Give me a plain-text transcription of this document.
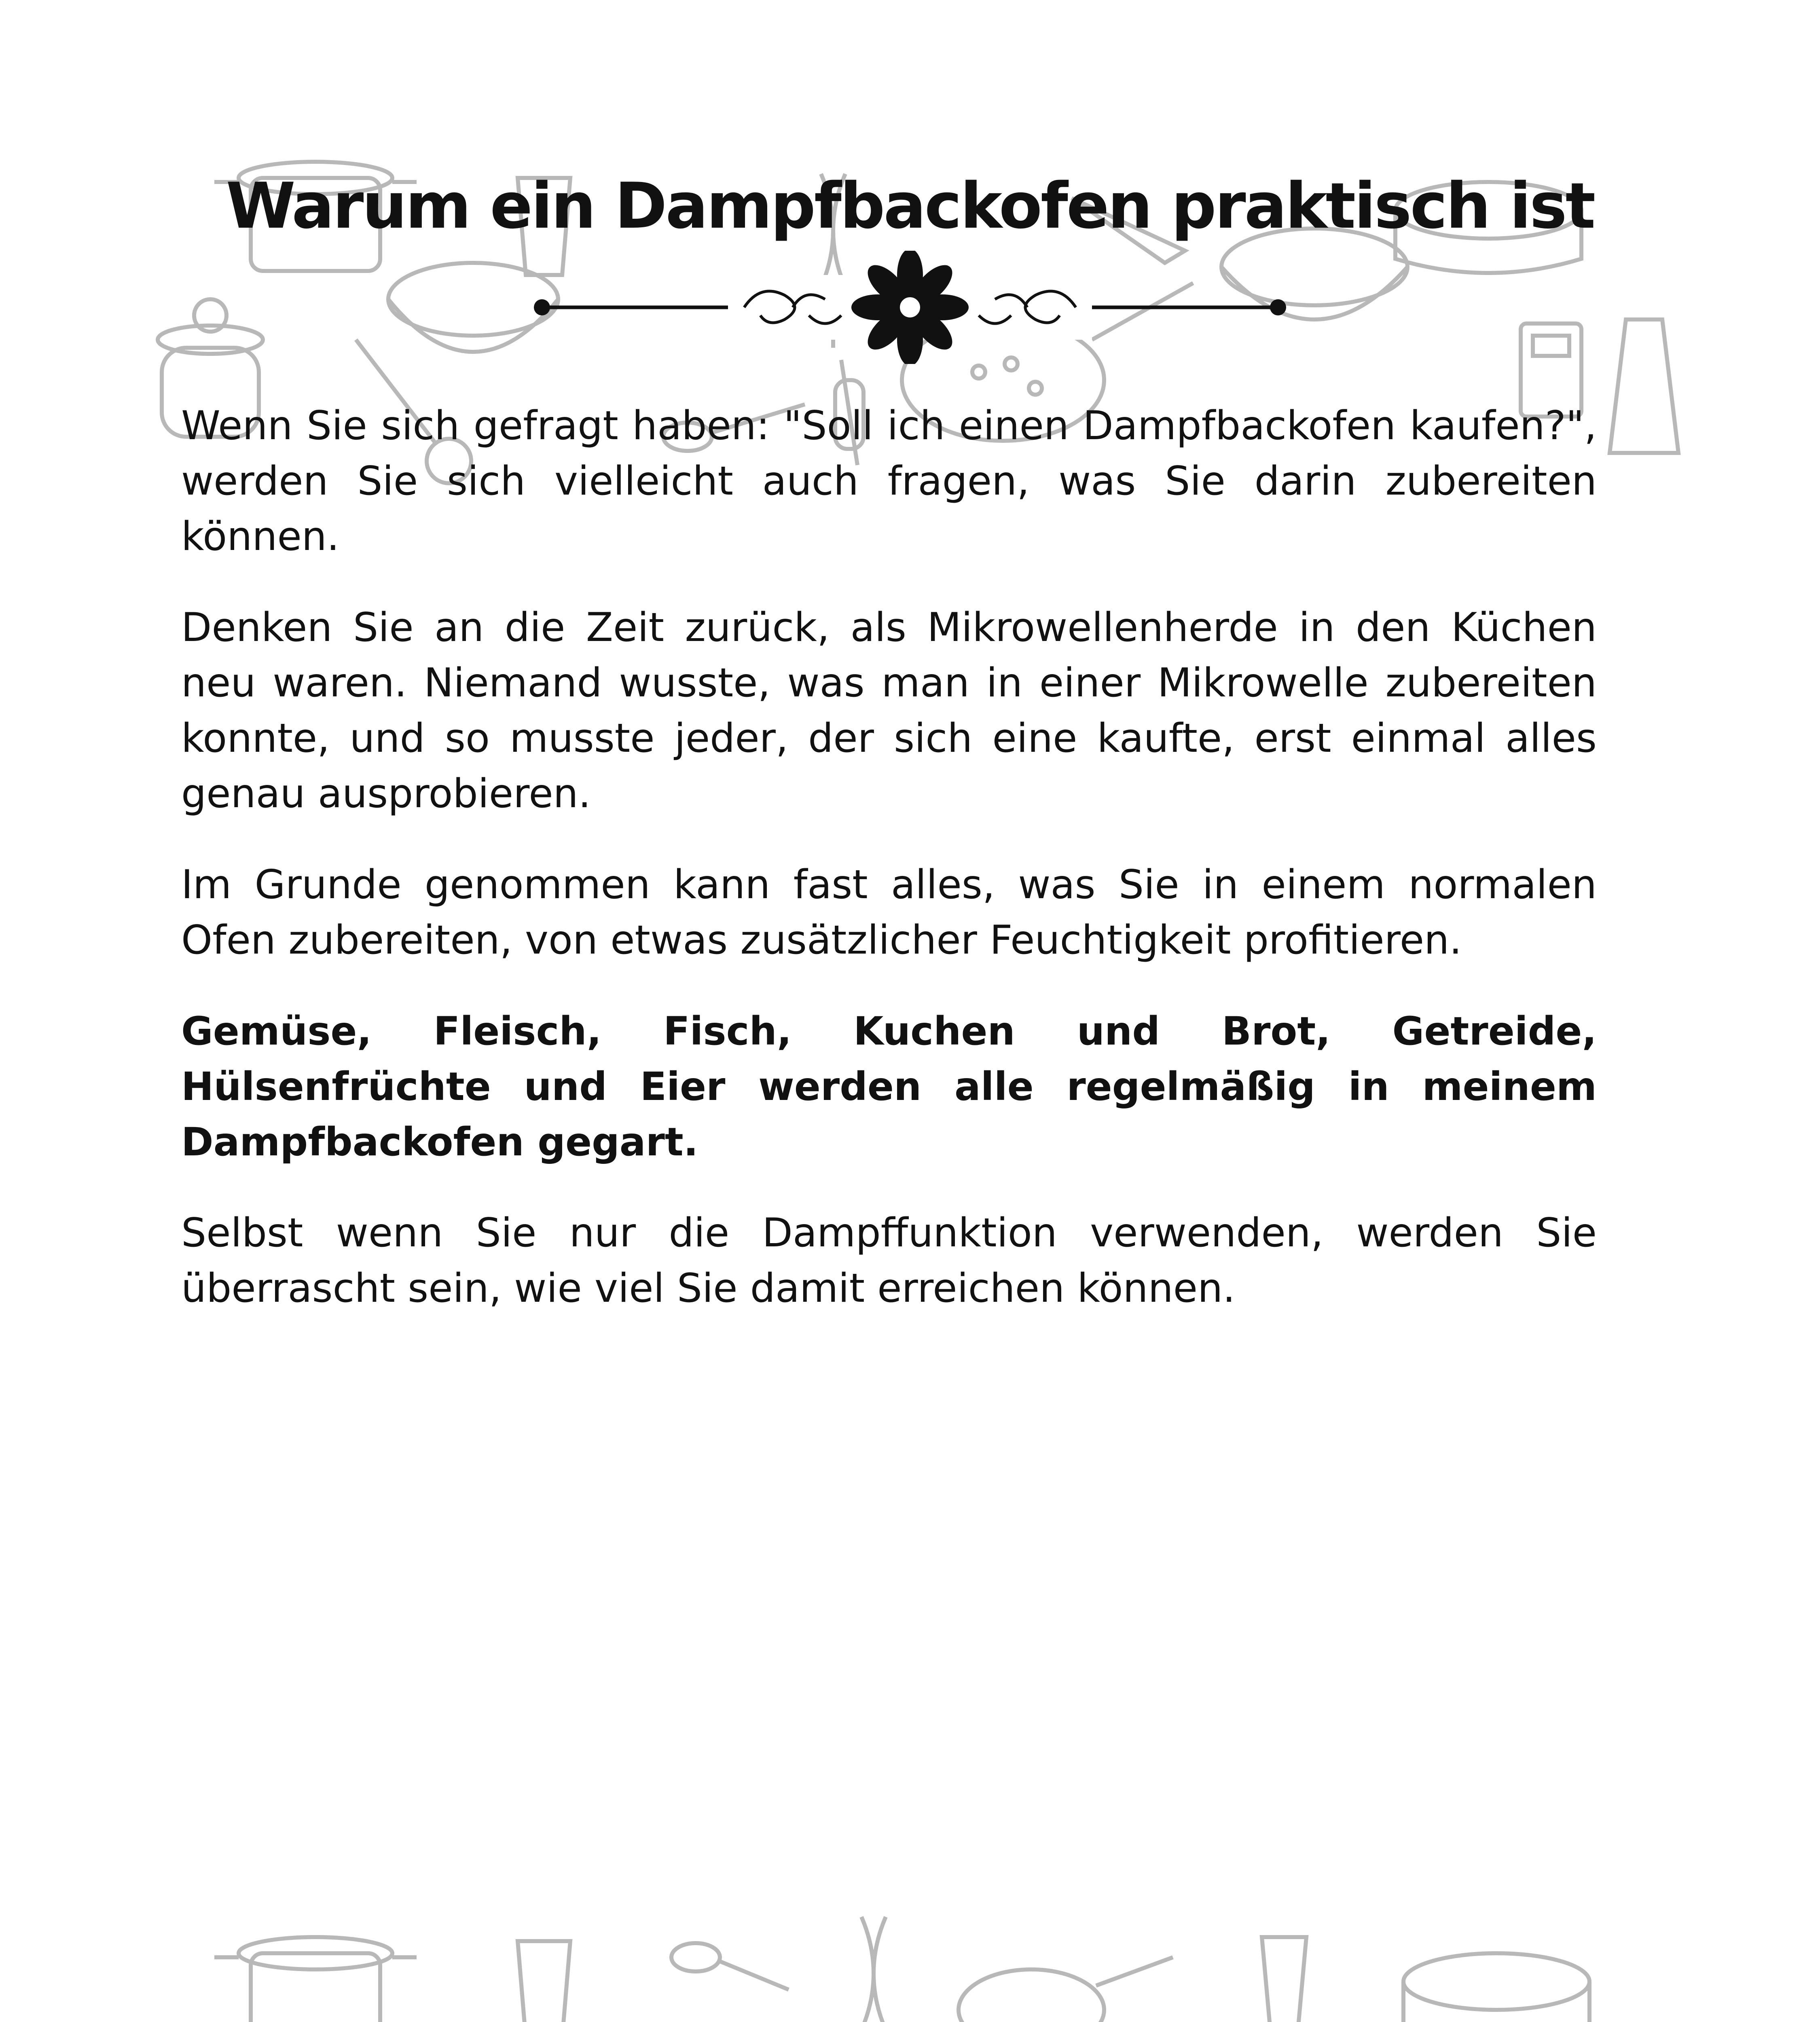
Warum ein Dampfbackofen praktisch ist

Wenn Sie sich gefragt haben: "Soll ich einen Dampfbackofen kaufen?", werden Sie sich vielleicht auch fragen, was Sie darin zubereiten können.

Denken Sie an die Zeit zurück, als Mikrowellenherde in den Küchen neu waren. Niemand wusste, was man in einer Mikrowelle zubereiten konnte, und so musste jeder, der sich eine kaufte, erst einmal alles genau ausprobieren.

Im Grunde genommen kann fast alles, was Sie in einem normalen Ofen zubereiten, von etwas zusätzlicher Feuchtigkeit profitieren.

Gemüse, Fleisch, Fisch, Kuchen und Brot, Getreide, Hülsenfrüchte und Eier werden alle regelmäßig in meinem Dampfbackofen gegart.

Selbst wenn Sie nur die Dampffunktion verwenden, werden Sie überrascht sein, wie viel Sie damit erreichen können.
